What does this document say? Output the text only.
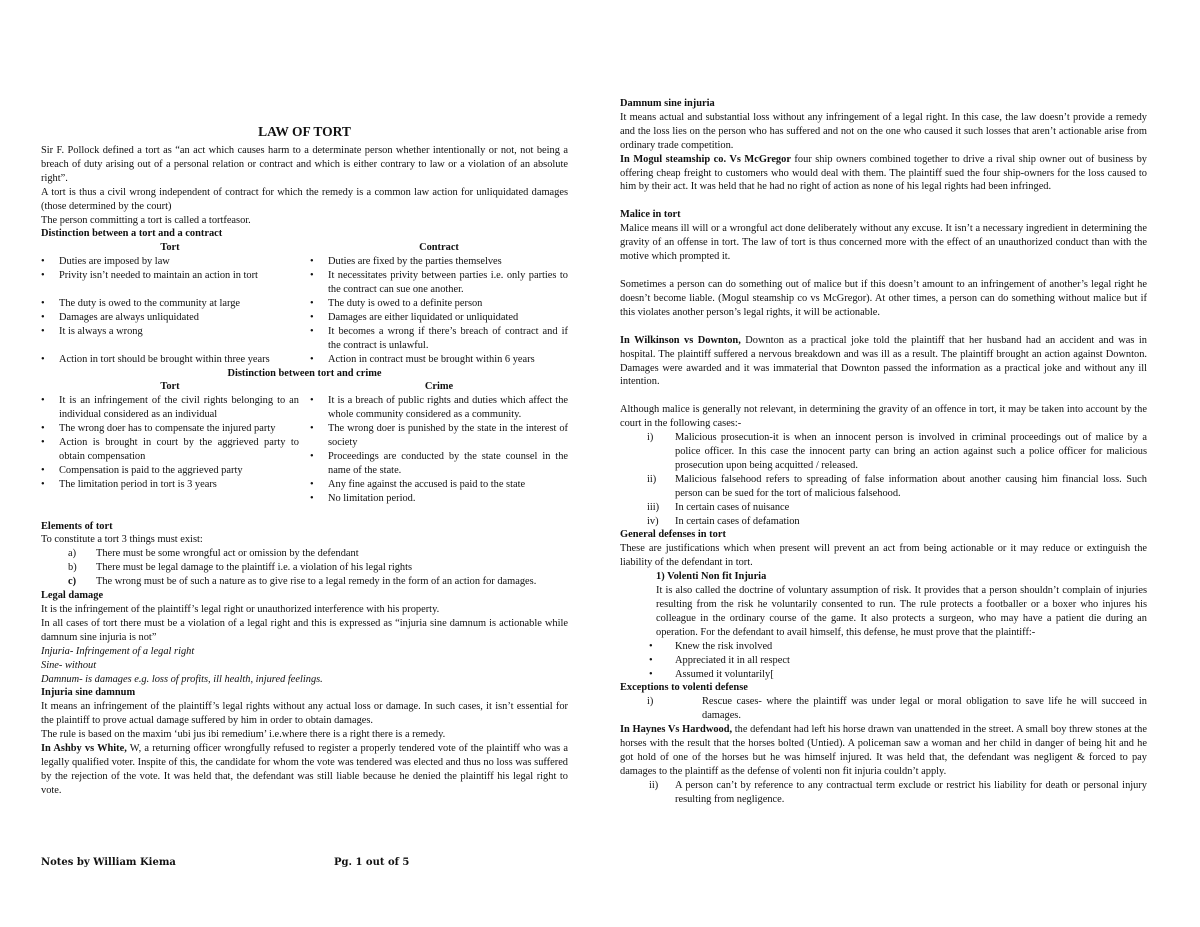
LAW OF TORT

Sir F. Pollock defined a tort as “an act which causes harm to a determinate person whether intentionally or not, not being a breach of duty arising out of a personal relation or contract and which is either contrary to law or a violation of an absolute right”.

A tort is thus a civil wrong independent of contract for which the remedy is a common law action for unliquidated damages (those determined by the court)

The person committing a tort is called a tortfeasor.

Distinction between a tort and a contract

Tort
• Duties are imposed by law
• Privity isn’t needed to maintain an action in tort
• The duty is owed to the community at large
• Damages are always unliquidated
• It is always a wrong
• Action in tort should be brought within three years
Contract
• Duties are fixed by the parties themselves
• It necessitates privity between parties i.e. only parties to the contract can sue one another.
• The duty is owed to a definite person
• Damages are either liquidated or unliquidated
• It becomes a wrong if there’s breach of contract and if the contract is unlawful.
• Action in contract must be brought within 6 years

Distinction between tort and crime

Tort
• It is an infringement of the civil rights belonging to an individual considered as an individual
• The wrong doer has to compensate the injured party
• Action is brought in court by the aggrieved party to obtain compensation
• Compensation is paid to the aggrieved party
• The limitation period in tort is 3 years
Crime
• It is a breach of public rights and duties which affect the whole community considered as a community.
• The wrong doer is punished by the state in the interest of society
• Proceedings are conducted by the state counsel in the name of the state.
• Any fine against the accused is paid to the state
• No limitation period.

Elements of tort

To constitute a tort 3 things must exist:

a) There must be some wrongful act or omission by the defendant
b) There must be legal damage to the plaintiff i.e. a violation of his legal rights
c) The wrong must be of such a nature as to give rise to a legal remedy in the form of an action for damages.

Legal damage

It is the infringement of the plaintiff’s legal right or unauthorized interference with his property.

In all cases of tort there must be a violation of a legal right and this is expressed as “injuria sine damnum is actionable while damnum sine injuria is not”

Injuria- Infringement of a legal right

Sine- without

Damnum- is damages e.g. loss of profits, ill health, injured feelings.

Injuria sine damnum

It means an infringement of the plaintiff’s legal rights without any actual loss or damage. In such cases, it isn’t essential for the plaintiff to prove actual damage suffered by him in order to obtain damages.

The rule is based on the maxim ‘ubi jus ibi remedium’ i.e.where there is a right there is a remedy.

In Ashby vs White, W, a returning officer wrongfully refused to register a properly tendered vote of the plaintiff who was a legally qualified voter. Inspite of this, the candidate for whom the vote was tendered was elected and thus no loss was suffered by the rejection of the vote. It was held that, the defendant was still liable because he denied the plaintiff his legal right to vote.

Notes by William Kiema	Pg. 1 out of 5

Damnum sine injuria

It means actual and substantial loss without any infringement of a legal right. In this case, the law doesn’t provide a remedy and the loss lies on the person who has suffered and not on the one who caused it such losses that aren’t actionable arise from ordinary trade competition.

In Mogul steamship co. Vs McGregor four ship owners combined together to drive a rival ship owner out of business by offering cheap freight to customers who would deal with them. The plaintiff sued the four ship-owners for the loss caused to him by their act. It was held that he had no right of action as none of his legal rights had been infringed.

Malice in tort

Malice means ill will or a wrongful act done deliberately without any excuse. It isn’t a necessary ingredient in determining the gravity of an offense in tort. The law of tort is thus concerned more with the effect of an unauthorized conduct than with the motive which prompted it.

Sometimes a person can do something out of malice but if this doesn’t amount to an infringement of another’s legal right he doesn’t become liable. (Mogul steamship co vs McGregor). At other times, a person can do something without malice but if this violates another person’s legal rights, it will be actionable.

In Wilkinson vs Downton, Downton as a practical joke told the plaintiff that her husband had an accident and was in hospital. The plaintiff suffered a nervous breakdown and was ill as a result. The plaintiff brought an action against Downton. Damages were awarded and it was immaterial that Downton passed the information as a practical joke and without any ill intention.

Although malice is generally not relevant, in determining the gravity of an offence in tort, it may be taken into account by the court in the following cases:-

i) Malicious prosecution-it is when an innocent person is involved in criminal proceedings out of malice by a police officer. In this case the innocent party can bring an action against such a police officer for malicious prosecution upon being acquitted / released.
ii) Malicious falsehood refers to spreading of false information about another causing him financial loss. Such person can be sued for the tort of malicious falsehood.
iii) In certain cases of nuisance
iv) In certain cases of defamation

General defenses in tort

These are justifications which when present will prevent an act from being actionable or it may reduce or extinguish the liability of the defendant in tort.

1) Volenti Non fit Injuria

It is also called the doctrine of voluntary assumption of risk. It provides that a person shouldn’t complain of injuries resulting from the risk he voluntarily consented to run. The rule protects a footballer or a boxer who injures his colleague in the ordinary course of the game. It also protects a surgeon, who may have a patient die during an operation. For the defendant to avail himself, this defense, he must prove that the plaintiff:-

• Knew the risk involved
• Appreciated it in all respect
• Assumed it voluntarily[

Exceptions to volenti defense

i)	Rescue cases- where the plaintiff was under legal or moral obligation to save life he will succeed in damages.

In Haynes Vs Hardwood, the defendant had left his horse drawn van unattended in the street. A small boy threw stones at the horses with the result that the horses bolted (Untied). A policeman saw a woman and her child in danger of being hit and he got hold of one of the horses but he was himself injured. It was held that, the defendant was negligent & forced to pay damages to the plaintiff as the defense of volenti non fit injuria couldn’t apply.

ii) A person can’t by reference to any contractual term exclude or restrict his liability for death or personal injury resulting from negligence.
